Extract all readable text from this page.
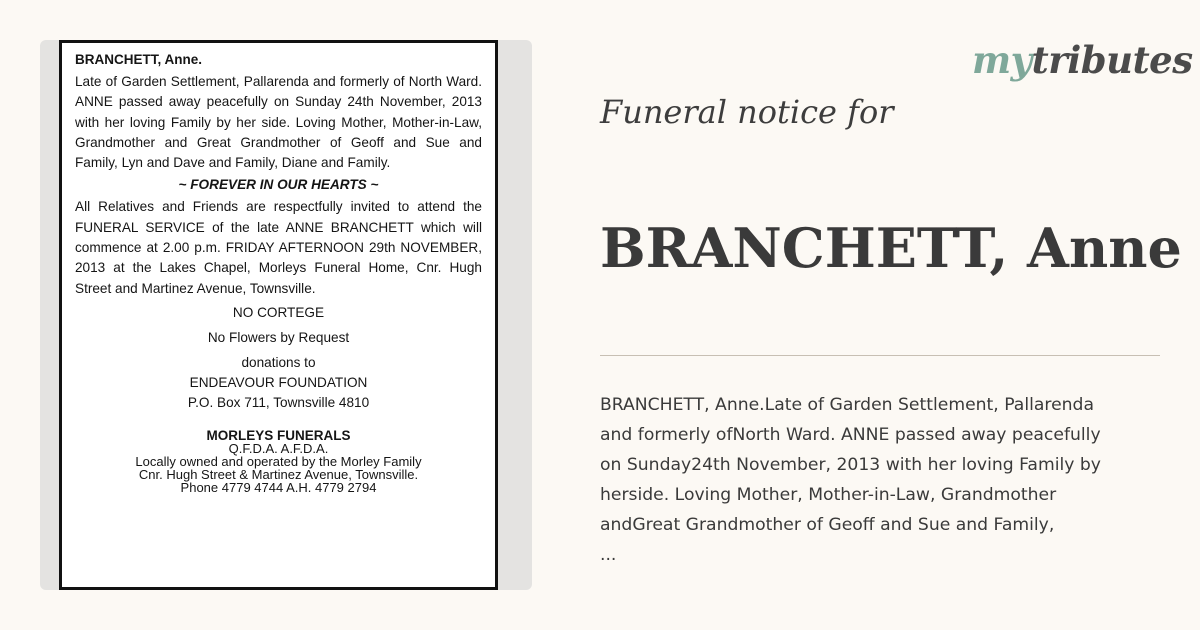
BRANCHETT, Anne.
Late of Garden Settlement, Pallarenda and formerly of North Ward. ANNE passed away peacefully on Sunday 24th November, 2013 with her loving Family by her side. Loving Mother, Mother-in-Law, Grandmother and Great Grandmother of Geoff and Sue and Family, Lyn and Dave and Family, Diane and Family.
~ FOREVER IN OUR HEARTS ~
All Relatives and Friends are respectfully invited to attend the FUNERAL SERVICE of the late ANNE BRANCHETT which will commence at 2.00 p.m. FRIDAY AFTERNOON 29th NOVEMBER, 2013 at the Lakes Chapel, Morleys Funeral Home, Cnr. Hugh Street and Martinez Avenue, Townsville.
NO CORTEGE
No Flowers by Request
donations to
ENDEAVOUR FOUNDATION
P.O. Box 711, Townsville 4810
MORLEYS FUNERALS
Q.F.D.A. A.F.D.A.
Locally owned and operated by the Morley Family
Cnr. Hugh Street & Martinez Avenue, Townsville.
Phone 4779 4744 A.H. 4779 2794
mytributes
Funeral notice for
BRANCHETT, Anne
BRANCHETT, Anne.Late of Garden Settlement, Pallarenda
and formerly ofNorth Ward. ANNE passed away peacefully
on Sunday24th November, 2013 with her loving Family by
herside. Loving Mother, Mother-in-Law, Grandmother
andGreat Grandmother of Geoff and Sue and Family,
...
